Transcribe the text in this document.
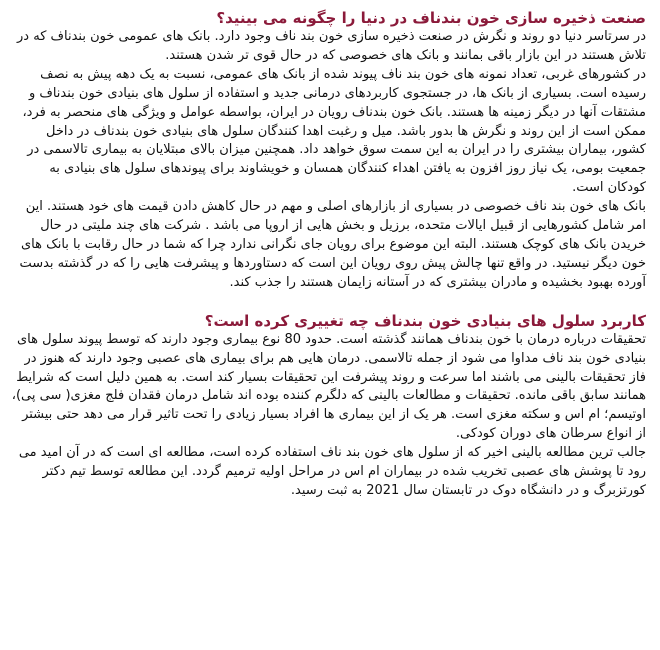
صنعت ذخیره سازی خون بندناف در دنیا را چگونه می بینید؟

در سرتاسر دنیا دو روند و نگرش در صنعت ذخیره سازی خون بند ناف وجود دارد. بانک های عمومی خون بندناف که در تلاش هستند در این بازار باقی بمانند و بانک های خصوصی که در حال قوی تر شدن هستند.

در کشورهای غربی، تعداد نمونه های خون بند ناف پیوند شده از بانک های عمومی، نسبت به یک دهه پیش به نصف رسیده است. بسیاری از بانک ها، در جستجوی کاربردهای درمانی جدید و استفاده از سلول های بنیادی خون بندناف و مشتقات آنها در دیگر زمینه ها هستند. بانک خون بندناف رویان در ایران، بواسطه عوامل و ویژگی های منحصر به فرد، ممکن است از این روند و نگرش ها بدور باشد. میل و رغبت اهدا کنندگان سلول های بنیادی خون بندناف در داخل کشور، بیماران بیشتری را در ایران به این سمت سوق خواهد داد. همچنین میزان بالای مبتلایان به بیماری تالاسمی در جمعیت بومی، یک نیاز روز افزون به یافتن اهداء کنندگان همسان و خویشاوند برای پیوندهای سلول های بنیادی به کودکان است.

بانک های خون بند ناف خصوصی در بسیاری از بازارهای اصلی و مهم در حال کاهش دادن قیمت های خود هستند. این امر شامل کشورهایی از قبیل ایالات متحده، برزیل و بخش هایی از اروپا می باشد . شرکت های چند ملیتی در حال خریدن بانک های کوچک هستند. البته این موضوع برای رویان جای نگرانی ندارد چرا که شما در حال رقابت با بانک های خون دیگر نیستید. در واقع تنها چالش پیش روی رویان این است که دستاوردها و پیشرفت هایی را که در گذشته بدست آورده بهبود بخشیده و مادران بیشتری که در آستانه زایمان هستند را جذب کند.

کاربرد سلول های بنیادی خون بندناف چه تغییری کرده است؟

تحقیقات درباره درمان با خون بندناف همانند گذشته است. حدود 80 نوع بیماری وجود دارند که توسط پیوند سلول های بنیادی خون بند ناف مداوا می شود از جمله تالاسمی. درمان هایی هم برای بیماری های عصبی وجود دارند که هنوز در فاز تحقیقات بالینی می باشند اما سرعت و روند پیشرفت این تحقیقات بسیار کند است. به همین دلیل است که شرایط همانند سابق باقی مانده. تحقیقات و مطالعات بالینی که دلگرم کننده بوده اند شامل درمان فقدان فلج مغزی( سی پی)، اوتیسم؛ ام اس و سکته مغزی است. هر یک از این بیماری ها افراد بسیار زیادی را تحت تاثیر قرار می دهد حتی بیشتر از انواع سرطان های دوران کودکی.

جالب ترین مطالعه بالینی اخیر که از سلول های خون بند ناف استفاده کرده است، مطالعه ای است که در آن امید می رود تا پوشش های عصبی تخریب شده در بیماران ام اس در مراحل اولیه ترمیم گردد. این مطالعه توسط تیم دکتر کورتزبرگ و در دانشگاه دوک در تابستان سال 2021 به ثبت رسید.
